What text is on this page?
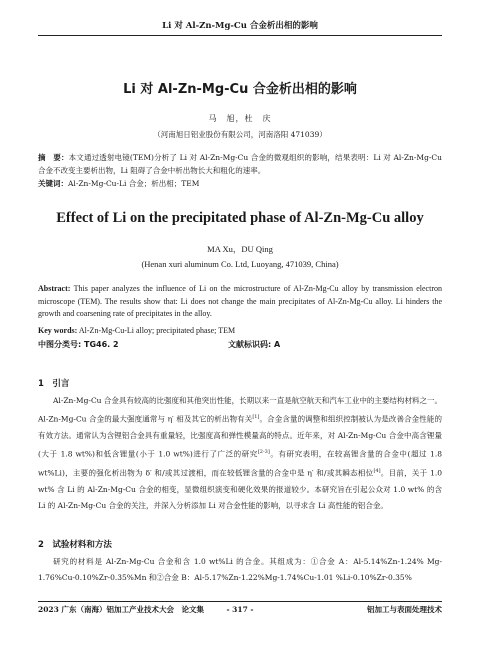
Li 对 Al-Zn-Mg-Cu 合金析出相的影响
Li 对 Al-Zn-Mg-Cu 合金析出相的影响
马　旭，杜　庆
（河南旭日铝业股份有限公司，河南洛阳 471039）
摘　要：本文通过透射电镜(TEM)分析了 Li 对 Al-Zn-Mg-Cu 合金的微观组织的影响，结果表明：Li 对 Al-Zn-Mg-Cu 合金不改变主要析出物，Li 阻碍了合金中析出物长大和粗化的速率。
关键词：Al-Zn-Mg-Cu-Li 合金；析出相；TEM
Effect of Li on the precipitated phase of Al-Zn-Mg-Cu alloy
MA Xu，DU Qing
(Henan xuri aluminum Co. Ltd, Luoyang, 471039, China)
Abstract: This paper analyzes the influence of Li on the microstructure of Al-Zn-Mg-Cu alloy by transmission electron microscope (TEM). The results show that: Li does not change the main precipitates of Al-Zn-Mg-Cu alloy. Li hinders the growth and coarsening rate of precipitates in the alloy.
Key words: Al-Zn-Mg-Cu-Li alloy; precipitated phase; TEM
中图分类号: TG46. 2	文献标识码: A
1　引言

Al-Zn-Mg-Cu 合金具有较高的比强度和其他突出性能，长期以来一直是航空航天和汽车工业中的主要结构材料之一。Al-Zn-Mg-Cu 合金的最大强度通常与 η′ 相及其它的析出物有关[1]。合金含量的调整和组织控制被认为是改善合金性能的有效方法。通常认为含锂铝合金具有重量轻，比强度高和弹性模量高的特点。近年来，对 Al-Zn-Mg-Cu 合金中高含锂量(大于 1.8 wt%)和低含锂量(小于 1.0 wt%)进行了广泛的研究[2-3]。有研究表明，在较高锂含量的合金中(超过 1.8 wt%Li)，主要的强化析出物为 δ′ 和/或其过渡相，而在较低锂含量的合金中是 η′ 和/或其瞬态相位[4]。目前，关于 1.0 wt% 含 Li 的 Al-Zn-Mg-Cu 合金的相变，显微组织演变和硬化效果的报道较少。本研究旨在引起公众对 1.0 wt% 的含 Li 的 Al-Zn-Mg-Cu 合金的关注，并深入分析添加 Li 对合金性能的影响，以寻求含 Li 高性能的铝合金。

2　试验材料和方法

研究的材料是 Al-Zn-Mg-Cu 合金和含 1.0 wt%Li 的合金。其组成为：①合金 A：Al-5.14%Zn-1.24% Mg-1.76%Cu-0.10%Zr-0.35%Mn 和②合金 B：Al-5.17%Zn-1.22%Mg-1.74%Cu-1.01 %Li-0.10%Zr-0.35%

2023 广东（南海）铝加工产业技术大会　论文集	- 317 -	铝加工与表面处理技术
